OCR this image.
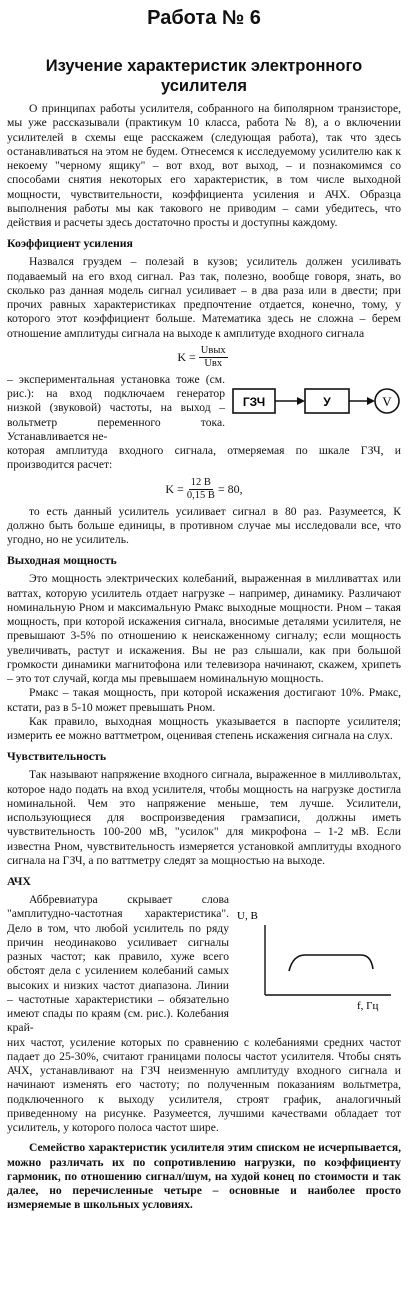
Работа № 6
Изучение характеристик электронного усилителя

О принципах работы усилителя, собранного на биполярном транзисторе, мы уже рассказывали (практикум 10 класса, работа № 8), а о включении усилителей в схемы еще расскажем (следующая работа), так что здесь останавливаться на этом не будем. Отнесемся к исследуемому усилителю как к некоему "черному ящику" – вот вход, вот выход, – и познакомимся со способами снятия некоторых его характеристик, в том числе выходной мощности, чувствительности, коэффициента усиления и АЧХ. Образца выполнения работы мы как такового не приводим – сами убедитесь, что действия и расчеты здесь достаточно просты и доступны каждому.

Коэффициент усиления

Назвался груздем – полезай в кузов; усилитель должен усиливать подаваемый на его вход сигнал. Раз так, полезно, вообще говоря, знать, во сколько раз данная модель сигнал усиливает – в два раза или в двести; при прочих равных характеристиках предпочтение отдается, конечно, тому, у которого этот коэффициент больше. Математика здесь не сложна – берем отношение амплитуды сигнала на выходе к амплитуде входного сигнала

$K = \frac{\text{Uвых}}{\text{Uвх}}$

– экспериментальная установка тоже (см. рис.): на вход подключаем генератор низкой (звуковой) частоты, на выход – вольтметр переменного тока. Устанавливается не-

ГЗЧ	У	V

которая амплитуда входного сигнала, отмеряемая по шкале ГЗЧ, и производится расчет:

$K = \frac{12 В}{0,15 В} = 80$,

то есть данный усилитель усиливает сигнал в 80 раз. Разумеется, К должно быть больше единицы, в противном случае мы исследовали все, что угодно, но не усилитель.

Выходная мощность

Это мощность электрических колебаний, выраженная в милливаттах или ваттах, которую усилитель отдает нагрузке – например, динамику. Различают номинальную Pном и максимальную Pмакс выходные мощности. Pном – такая мощность, при которой искажения сигнала, вносимые деталями усилителя, не превышают 3-5% по отношению к неискаженному сигналу; если мощность увеличивать, растут и искажения. Вы не раз слышали, как при большой громкости динамики магнитофона или телевизора начинают, скажем, хрипеть – это тот случай, когда мы превышаем номинальную мощность.

Pмакс – такая мощность, при которой искажения достигают 10%. Pмакс, кстати, раз в 5-10 может превышать Pном.

Как правило, выходная мощность указывается в паспорте усилителя; измерить ее можно ваттметром, оценивая степень искажения сигнала на слух.

Чувствительность

Так называют напряжение входного сигнала, выраженное в милливольтах, которое надо подать на вход усилителя, чтобы мощность на нагрузке достигла номинальной. Чем это напряжение меньше, тем лучше. Усилители, использующиеся для воспроизведения грамзаписи, должны иметь чувствительность 100-200 мВ, "усилок" для микрофона – 1-2 мВ. Если известна Pном, чувствительность измеряется установкой амплитуды входного сигнала на ГЗЧ, а по ваттметру следят за мощностью на выходе.

АЧХ

Аббревиатура скрывает слова "амплитудно-частотная характеристика". Дело в том, что любой усилитель по ряду причин неодинаково усиливает сигналы разных частот; как правило, хуже всего обстоят дела с усилением колебаний самых высоких и низких частот диапазона. Линии – частотные характеристики – обязательно имеют спады по краям (см. рис.). Колебания край-

U, В
f, Гц

них частот, усиление которых по сравнению с колебаниями средних частот падает до 25-30%, считают границами полосы частот усилителя. Чтобы снять АЧХ, устанавливают на ГЗЧ неизменную амплитуду входного сигнала и начинают изменять его частоту; по полученным показаниям вольтметра, подключенного к выходу усилителя, строят график, аналогичный приведенному на рисунке. Разумеется, лучшими качествами обладает тот усилитель, у которого полоса частот шире.

Семейство характеристик усилителя этим списком не исчерпывается, можно различать их по сопротивлению нагрузки, по коэффициенту гармоник, по отношению сигнал/шум, на худой конец по стоимости и так далее, но перечисленные четыре – основные и наиболее просто измеряемые в школьных условиях.
